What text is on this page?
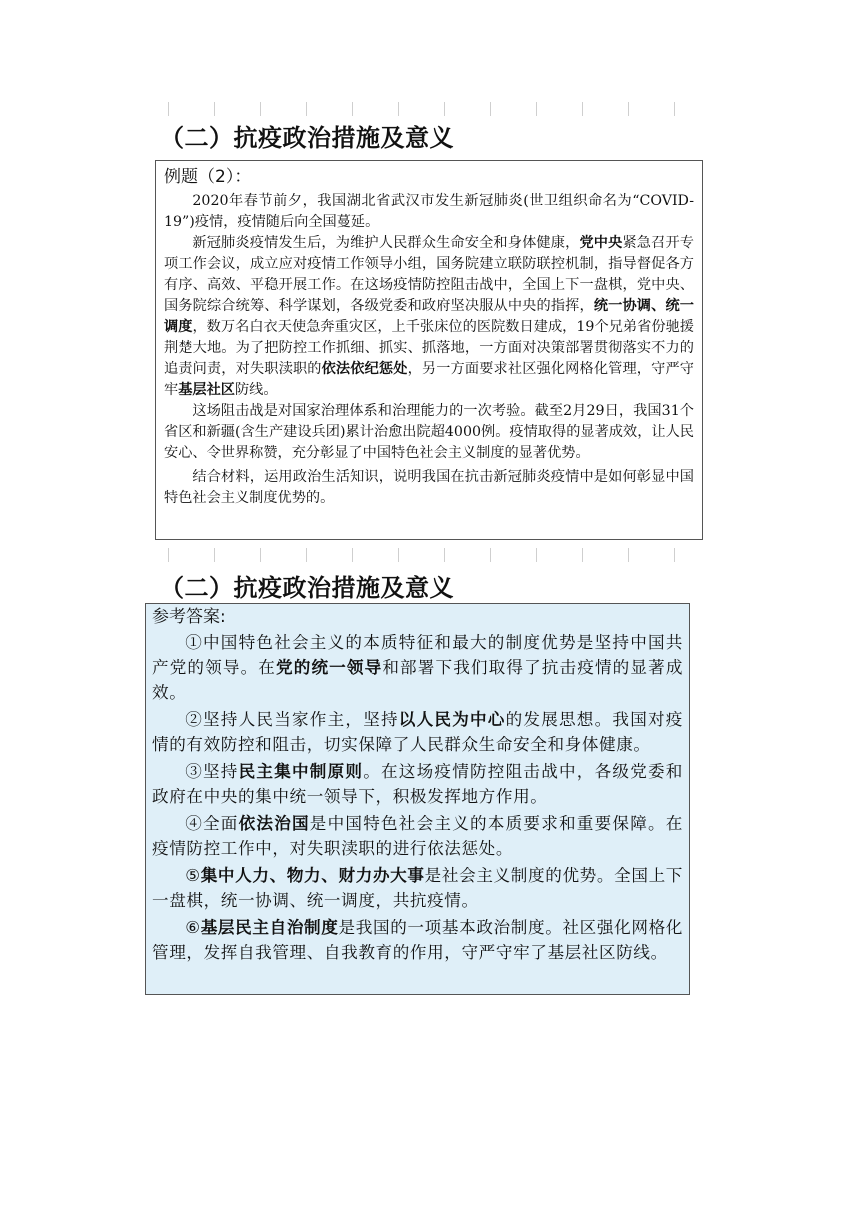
（二）抗疫政治措施及意义
例题（2）：

2020年春节前夕，我国湖北省武汉市发生新冠肺炎(世卫组织命名为“COVID-19”)疫情，疫情随后向全国蔓延。

新冠肺炎疫情发生后，为维护人民群众生命安全和身体健康，党中央紧急召开专项工作会议，成立应对疫情工作领导小组，国务院建立联防联控机制，指导督促各方有序、高效、平稳开展工作。在这场疫情防控阻击战中，全国上下一盘棋，党中央、国务院综合统筹、科学谋划，各级党委和政府坚决服从中央的指挥，统一协调、统一调度，数万名白衣天使急奔重灾区，上千张床位的医院数日建成，19个兄弟省份驰援荆楚大地。为了把防控工作抓细、抓实、抓落地，一方面对决策部署贯彻落实不力的追责问责，对失职渎职的依法依纪惩处，另一方面要求社区强化网格化管理，守严守牢基层社区防线。

这场阻击战是对国家治理体系和治理能力的一次考验。截至2月29日，我国31个省区和新疆(含生产建设兵团)累计治愈出院超4000例。疫情取得的显著成效，让人民安心、令世界称赞，充分彰显了中国特色社会主义制度的显著优势。

结合材料，运用政治生活知识，说明我国在抗击新冠肺炎疫情中是如何彰显中国特色社会主义制度优势的。

（二）抗疫政治措施及意义
参考答案:

①中国特色社会主义的本质特征和最大的制度优势是坚持中国共产党的领导。在党的统一领导和部署下我们取得了抗击疫情的显著成效。

②坚持人民当家作主，坚持以人民为中心的发展思想。我国对疫情的有效防控和阻击，切实保障了人民群众生命安全和身体健康。

③坚持民主集中制原则。在这场疫情防控阻击战中，各级党委和政府在中央的集中统一领导下，积极发挥地方作用。

④全面依法治国是中国特色社会主义的本质要求和重要保障。在疫情防控工作中，对失职渎职的进行依法惩处。

⑤集中人力、物力、财力办大事是社会主义制度的优势。全国上下一盘棋，统一协调、统一调度，共抗疫情。

⑥基层民主自治制度是我国的一项基本政治制度。社区强化网格化管理，发挥自我管理、自我教育的作用，守严守牢了基层社区防线。
